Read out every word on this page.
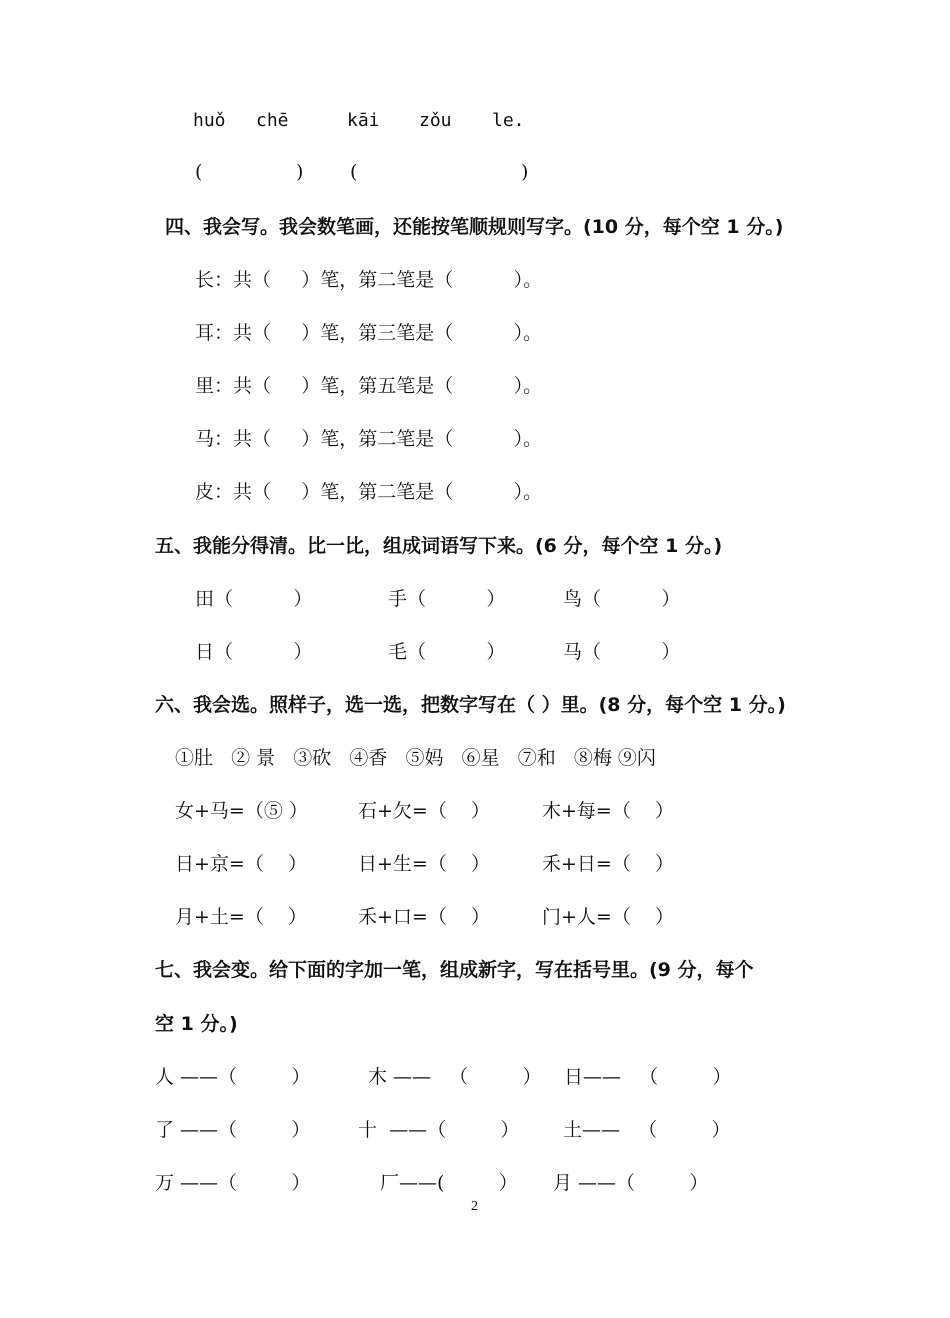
huǒ chē	kāi zǒu le.
(	) (	)
四、我会写。我会数笔画，还能按笔顺规则写字。(10 分，每个空 1 分。)
长：共（     ）笔，第二笔是（          ）。
耳：共（     ）笔，第三笔是（          ）。
里：共（     ）笔，第五笔是（          ）。
马：共（     ）笔，第二笔是（          ）。
皮：共（     ）笔，第二笔是（          ）。
五、我能分得清。比一比，组成词语写下来。(6 分，每个空 1 分。)
田（          ）	手（          ）	鸟（          ）
日（          ）	毛（          ）	马（          ）
六、我会选。照样子，选一选，把数字写在（ ）里。(8 分，每个空 1 分。)
①肚   ② 景   ③砍   ④香   ⑤妈   ⑥星   ⑦和   ⑧梅 ⑨闪
女+马=（⑤ ）	石+欠=（    ）	木+每=（    ）
日+京=（    ）	日+生=（    ）	禾+日=（    ）
月+土=（    ）	禾+口=（    ）	门+人=（    ）
七、我会变。给下面的字加一笔，组成新字，写在括号里。(9 分，每个
空 1 分。)
人 ——（         ）	木 ——   （         ） 日——   （         ）
了 ——（         ）	十  ——（         ） 土——   （         ）
万 ——（         ）	厂——(         ） 月 ——（         ）
2
